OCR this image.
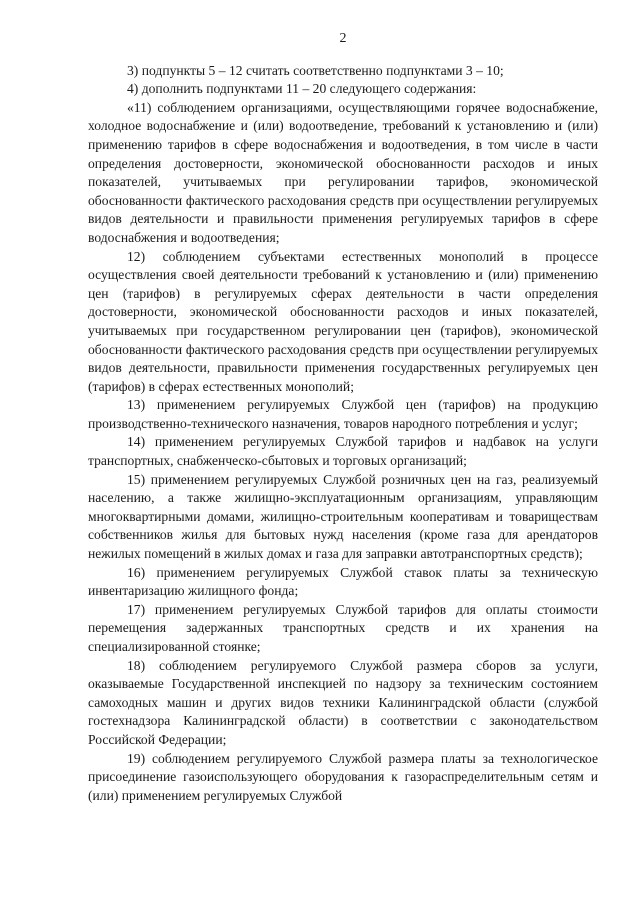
2

3) подпункты 5 – 12 считать соответственно подпунктами 3 – 10;

4) дополнить подпунктами 11 – 20 следующего содержания:

«11) соблюдением организациями, осуществляющими горячее водоснабжение, холодное водоснабжение и (или) водоотведение, требований к установлению и (или) применению тарифов в сфере водоснабжения и водоотведения, в том числе в части определения достоверности, экономической обоснованности расходов и иных показателей, учитываемых при регулировании тарифов, экономической обоснованности фактического расходования средств при осуществлении регулируемых видов деятельности и правильности применения регулируемых тарифов в сфере водоснабжения и водоотведения;

12) соблюдением субъектами естественных монополий в процессе осуществления своей деятельности требований к установлению и (или) применению цен (тарифов) в регулируемых сферах деятельности в части определения достоверности, экономической обоснованности расходов и иных показателей, учитываемых при государственном регулировании цен (тарифов), экономической обоснованности фактического расходования средств при осуществлении регулируемых видов деятельности, правильности применения государственных регулируемых цен (тарифов) в сферах естественных монополий;

13) применением регулируемых Службой цен (тарифов) на продукцию производственно-технического назначения, товаров народного потребления и услуг;

14) применением регулируемых Службой тарифов и надбавок на услуги транспортных, снабженческо-сбытовых и торговых организаций;

15) применением регулируемых Службой розничных цен на газ, реализуемый населению, а также жилищно-эксплуатационным организациям, управляющим многоквартирными домами, жилищно-строительным кооперативам и товариществам собственников жилья для бытовых нужд населения (кроме газа для арендаторов нежилых помещений в жилых домах и газа для заправки автотранспортных средств);

16) применением регулируемых Службой ставок платы за техническую инвентаризацию жилищного фонда;

17) применением регулируемых Службой тарифов для оплаты стоимости перемещения задержанных транспортных средств и их хранения на специализированной стоянке;

18) соблюдением регулируемого Службой размера сборов за услуги, оказываемые Государственной инспекцией по надзору за техническим состоянием самоходных машин и других видов техники Калининградской области (службой гостехнадзора Калининградской области) в соответствии с законодательством Российской Федерации;

19) соблюдением регулируемого Службой размера платы за технологическое присоединение газоиспользующего оборудования к газораспределительным сетям и (или) применением регулируемых Службой
